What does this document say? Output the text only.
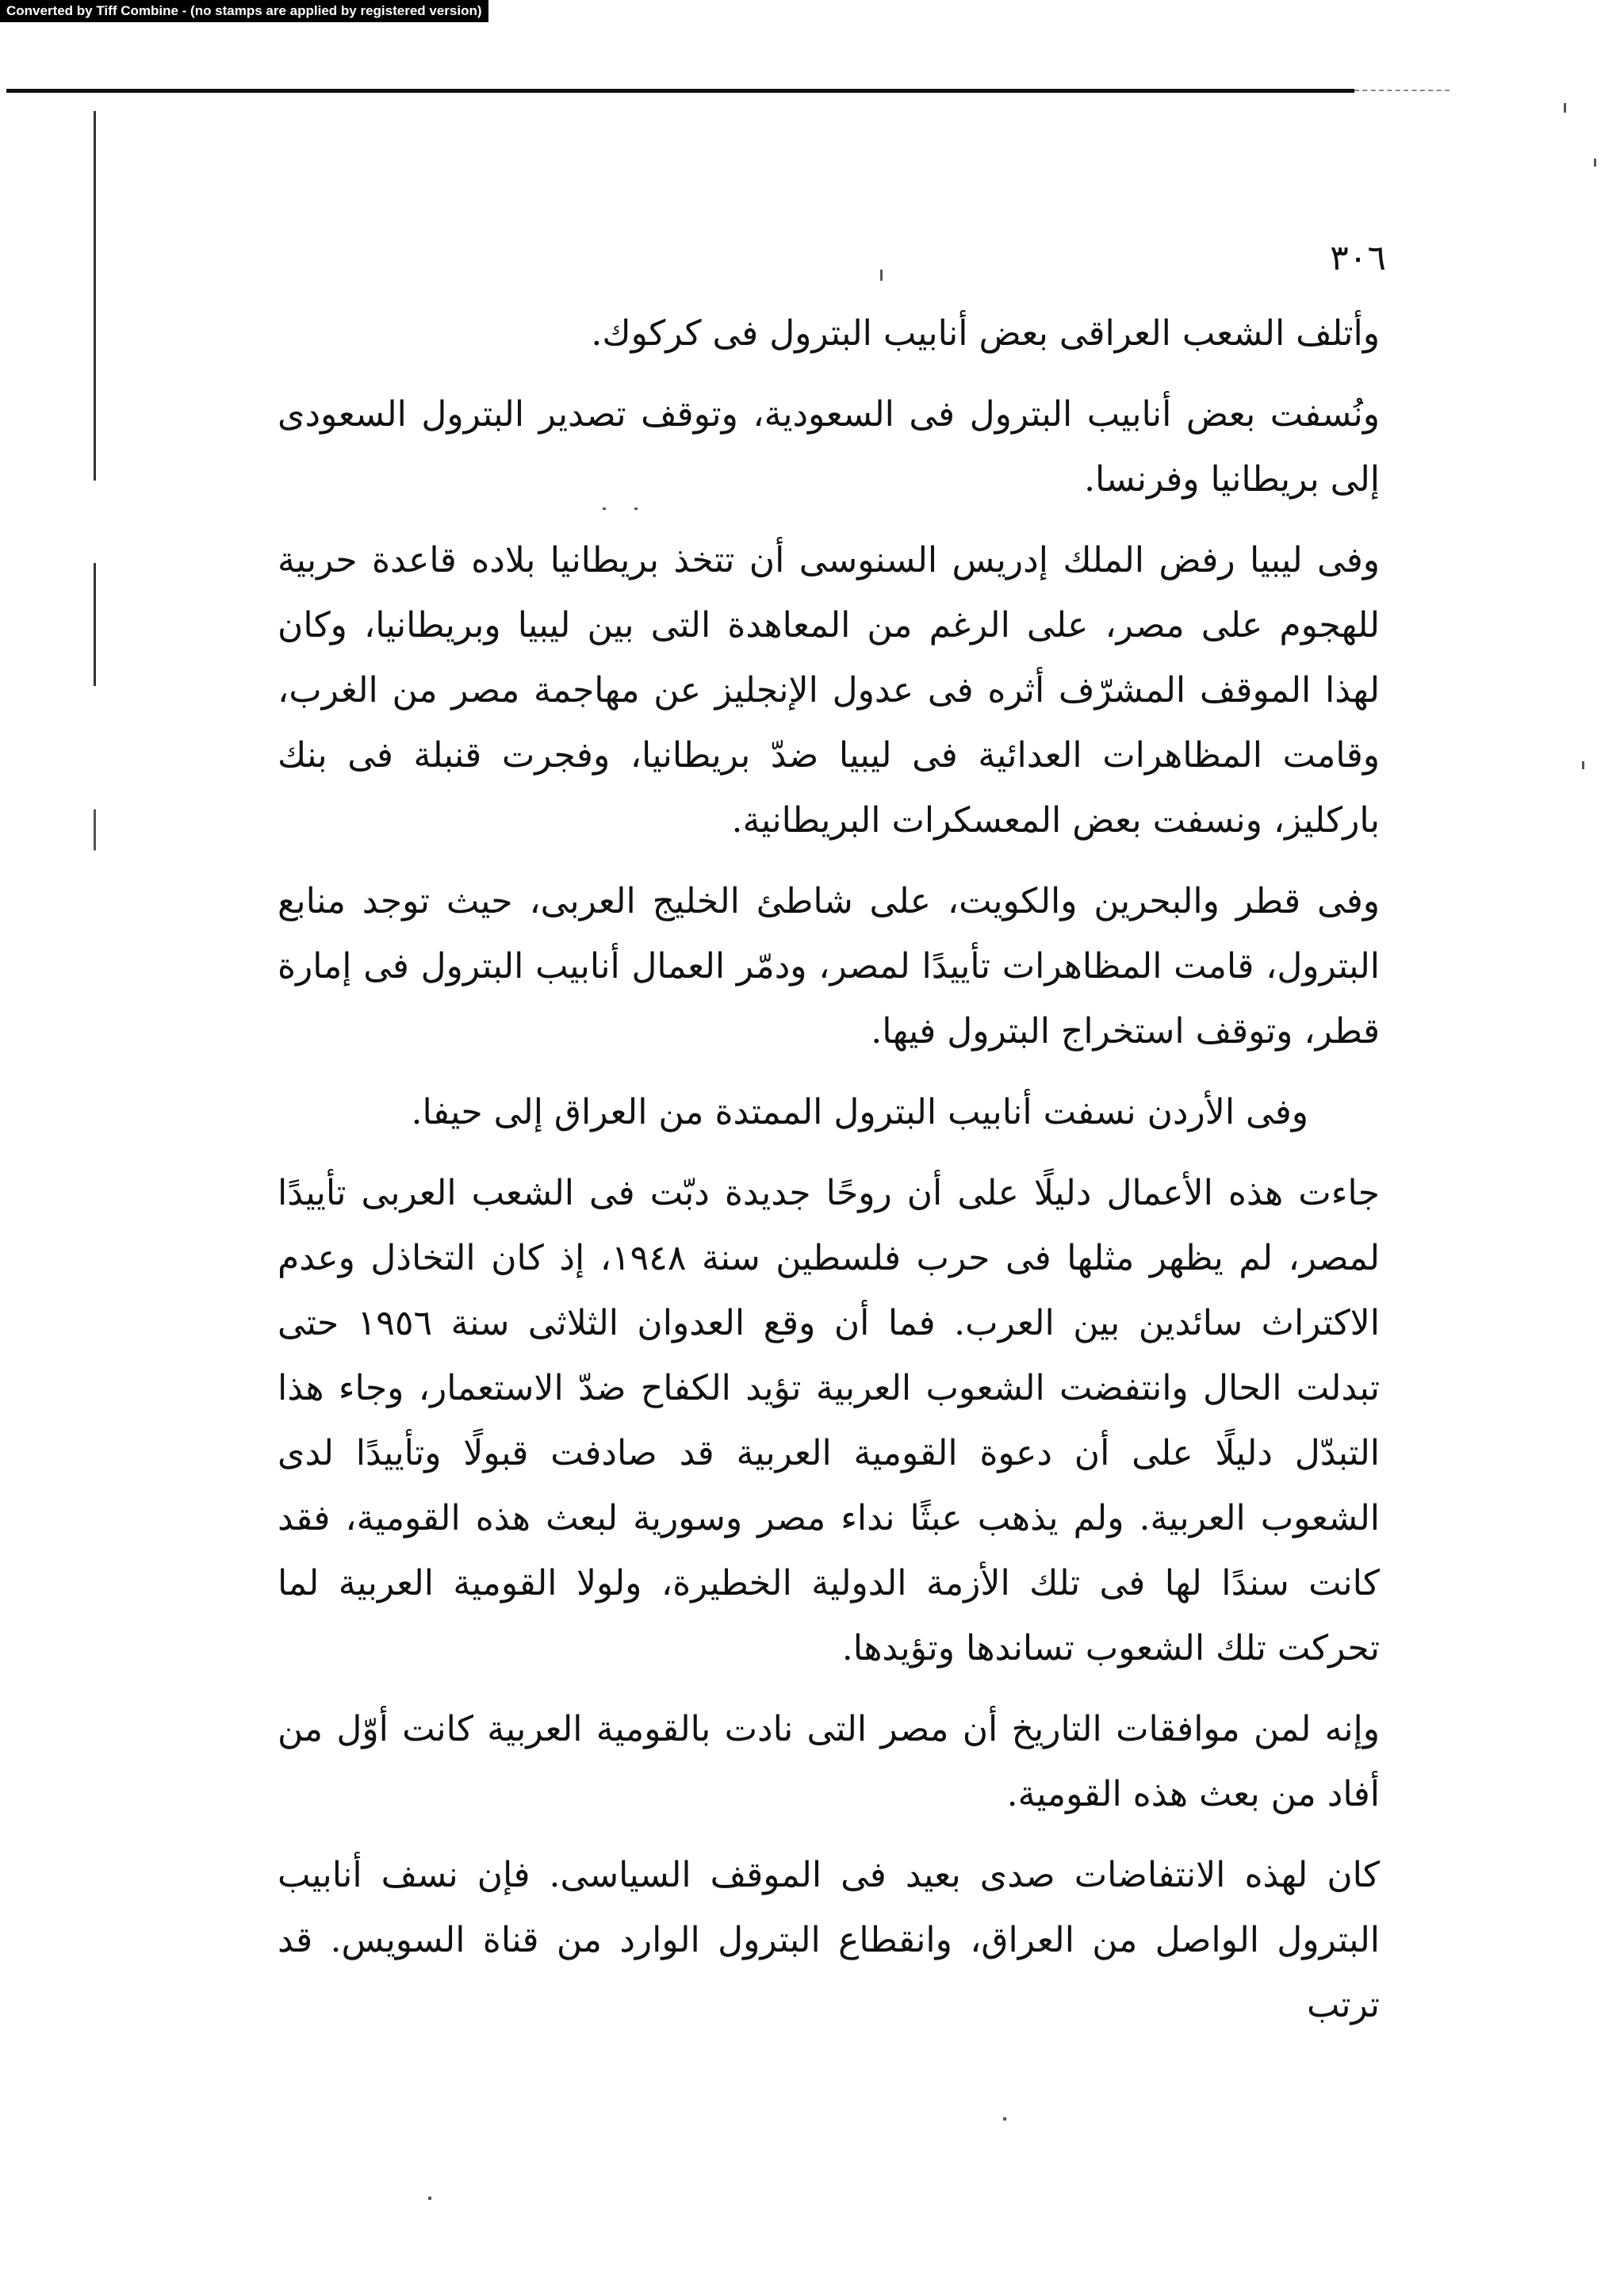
Converted by Tiff Combine - (no stamps are applied by registered version)
٣٠٦

وأتلف الشعب العراقى بعض أنابيب البترول فى كركوك.

ونُسفت بعض أنابيب البترول فى السعودية، وتوقف تصدير البترول السعودى إلى بريطانيا وفرنسا.

وفى ليبيا رفض الملك إدريس السنوسى أن تتخذ بريطانيا بلاده قاعدة حربية للهجوم على مصر، على الرغم من المعاهدة التى بين ليبيا وبريطانيا، وكان لهذا الموقف المشرّف أثره فى عدول الإنجليز عن مهاجمة مصر من الغرب، وقامت المظاهرات العدائية فى ليبيا ضدّ بريطانيا، وفجرت قنبلة فى بنك باركليز، ونسفت بعض المعسكرات البريطانية.

وفى قطر والبحرين والكويت، على شاطئ الخليج العربى، حيث توجد منابع البترول، قامت المظاهرات تأييدًا لمصر، ودمّر العمال أنابيب البترول فى إمارة قطر، وتوقف استخراج البترول فيها.

وفى الأردن نسفت أنابيب البترول الممتدة من العراق إلى حيفا.

جاءت هذه الأعمال دليلًا على أن روحًا جديدة دبّت فى الشعب العربى تأييدًا لمصر، لم يظهر مثلها فى حرب فلسطين سنة ١٩٤٨، إذ كان التخاذل وعدم الاكتراث سائدين بين العرب. فما أن وقع العدوان الثلاثى سنة ١٩٥٦ حتى تبدلت الحال وانتفضت الشعوب العربية تؤيد الكفاح ضدّ الاستعمار، وجاء هذا التبدّل دليلًا على أن دعوة القومية العربية قد صادفت قبولًا وتأييدًا لدى الشعوب العربية. ولم يذهب عبثًا نداء مصر وسورية لبعث هذه القومية، فقد كانت سندًا لها فى تلك الأزمة الدولية الخطيرة، ولولا القومية العربية لما تحركت تلك الشعوب تساندها وتؤيدها.

وإنه لمن موافقات التاريخ أن مصر التى نادت بالقومية العربية كانت أوّل من أفاد من بعث هذه القومية.

كان لهذه الانتفاضات صدى بعيد فى الموقف السياسى. فإن نسف أنابيب البترول الواصل من العراق، وانقطاع البترول الوارد من قناة السويس. قد ترتب
